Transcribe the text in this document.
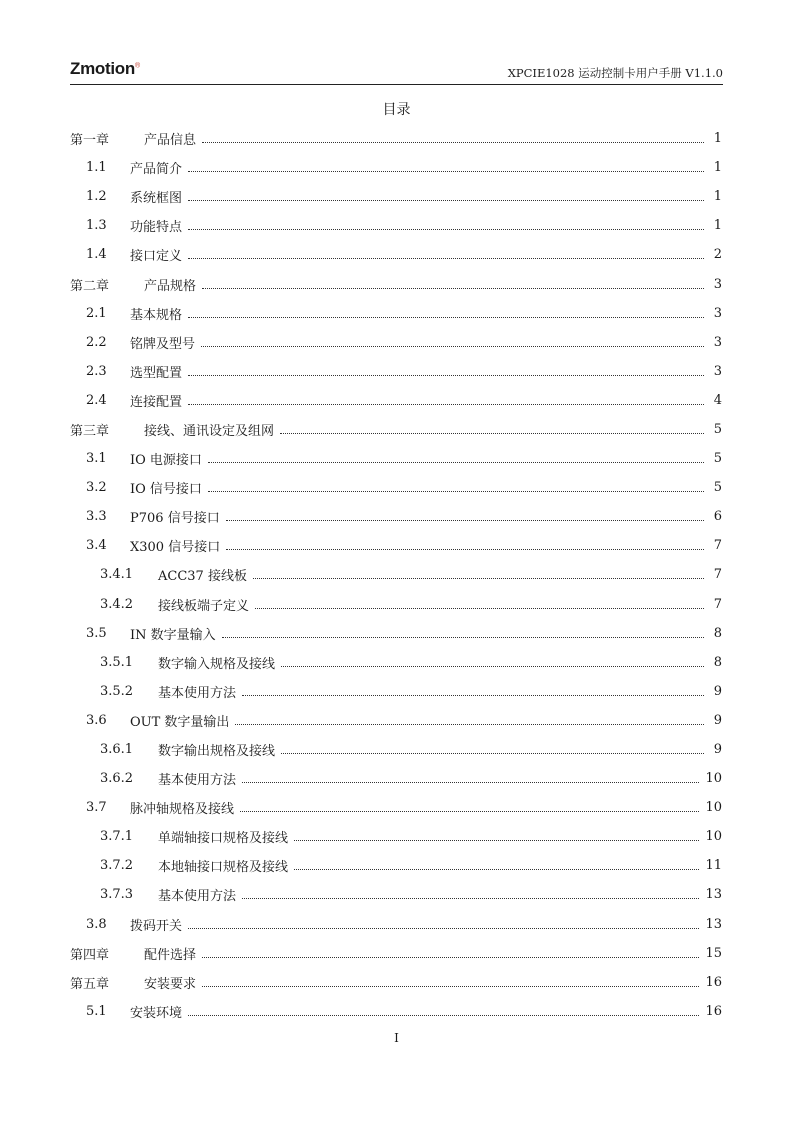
Zmotion®
XPCIE1028 运动控制卡用户手册 V1.1.0
目录
第一章	产品信息	1
1.1	产品简介	1
1.2	系统框图	1
1.3	功能特点	1
1.4	接口定义	2
第二章	产品规格	3
2.1	基本规格	3
2.2	铭牌及型号	3
2.3	选型配置	3
2.4	连接配置	4
第三章	接线、通讯设定及组网	5
3.1	IO 电源接口	5
3.2	IO 信号接口	5
3.3	P706 信号接口	6
3.4	X300 信号接口	7
3.4.1	ACC37 接线板	7
3.4.2	接线板端子定义	7
3.5	IN 数字量输入	8
3.5.1	数字输入规格及接线	8
3.5.2	基本使用方法	9
3.6	OUT 数字量输出	9
3.6.1	数字输出规格及接线	9
3.6.2	基本使用方法	10
3.7	脉冲轴规格及接线	10
3.7.1	单端轴接口规格及接线	10
3.7.2	本地轴接口规格及接线	11
3.7.3	基本使用方法	13
3.8	拨码开关	13
第四章	配件选择	15
第五章	安装要求	16
5.1	安装环境	16
I
